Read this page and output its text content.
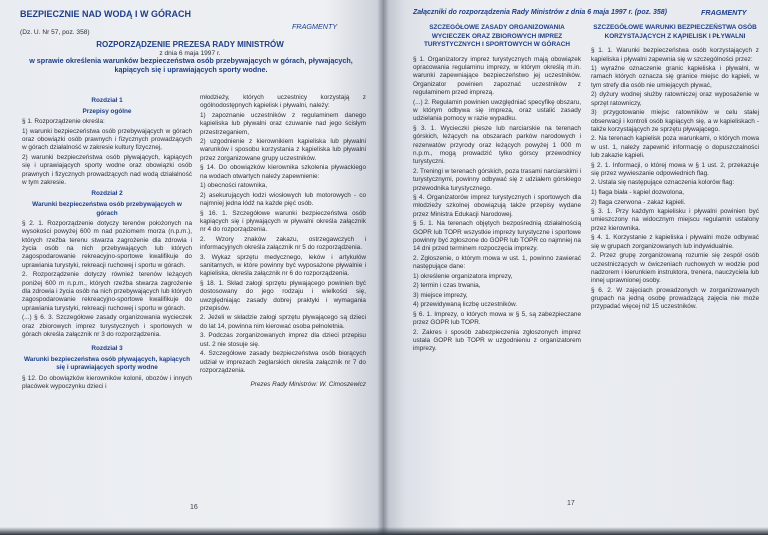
BEZPIECZNIE NAD WODĄ I W GÓRACH
FRAGMENTY
(Dz. U. Nr 57, poz. 358)
ROZPORZĄDZENIE PREZESA RADY MINISTRÓW
z dnia 6 maja 1997 r.
w sprawie określenia warunków bezpieczeństwa osób przebywających w górach, pływających, kąpiących się i uprawiających sporty wodne.

Rozdział 1

Przepisy ogólne

§ 1. Rozporządzenie określa:

1) warunki bezpieczeństwa osób przebywających w górach oraz obowiązki osób prawnych i fizycznych prowadzących w górach działalność w zakresie kultury fizycznej,

2) warunki bezpieczeństwa osób pływających, kąpiących się i uprawiających sporty wodne oraz obowiązki osób prawnych i fizycznych prowadzących nad wodą działalność w tym zakresie.

Rozdział 2

Warunki bezpieczeństwa osób przebywających w górach

§ 2. 1. Rozporządzenie dotyczy terenów położonych na wysokości powyżej 600 m nad poziomem morza (n.p.m.), których rzeźba terenu stwarza zagrożenie dla zdrowia i życia osób na nich przebywających lub których zagospodarowanie rekreacyjno-sportowe kwalifikuje do uprawiania turystyki, rekreacji ruchowej i sportu w górach.

2. Rozporządzenie dotyczy również terenów leżących poniżej 600 m n.p.m., których rzeźba stwarza zagrożenie dla zdrowia i życia osób na nich przebywających lub których zagospodarowanie rekreacyjno-sportowe kwalifikuje do uprawiania turystyki, rekreacji ruchowej i sportu w górach.

(...) § 6. 3. Szczegółowe zasady organizowania wycieczek oraz zbiorowych imprez turystycznych i sportowych w górach określa załącznik nr 3 do rozporządzenia.

Rozdział 3

Warunki bezpieczeństwa osób pływających, kąpiących się i uprawiających sporty wodne

§ 12. Do obowiązków kierowników kolonii, obozów i innych placówek wypoczynku dzieci i

młodzieży, których uczestnicy korzystają z ogólnodostępnych kąpielisk i pływalni, należy:

1) zapoznanie uczestników z regulaminem danego kąpieliska lub pływalni oraz czuwanie nad jego ścisłym przestrzeganiem,

2) uzgodnienie z kierownikiem kąpieliska lub pływalni warunków i sposobu korzystania z kąpieliska lub pływalni przez zorganizowane grupy uczestników.

§ 14. Do obowiązków kierownika szkolenia pływackiego na wodach otwartych należy zapewnienie:

1) obecności ratownika,

2) asekurujących łodzi wiosłowych lub motorowych - co najmniej jedna łódź na każde pięć osób.

§ 16. 1. Szczegółowe warunki bezpieczeństwa osób kąpiących się i pływających w pływalni określa załącznik nr 4 do rozporządzenia.

2. Wzory znaków zakazu, ostrzegawczych i informacyjnych określa załącznik nr 5 do rozporządzenia.

3. Wykaz sprzętu medycznego, leków i artykułów sanitarnych, w które powinny być wyposażone pływalnie i kąpieliska, określa załącznik nr 6 do rozporządzenia.

§ 18. 1. Skład załogi sprzętu pływającego powinien być dostosowany do jego rodzaju i wielkości się, uwzględniając zasady dobrej praktyki i wymagania przepisów.

2. Jeżeli w składzie załogi sprzętu pływającego są dzieci do lat 14, powinna nim kierować osoba pełnoletnia.

3. Podczas zorganizowanych imprez dla dzieci przepisu ust. 2 nie stosuje się.

4. Szczegółowe zasady bezpieczeństwa osób biorących udział w imprezach żeglarskich określa załącznik nr 7 do rozporządzenia.

Prezes Rady Ministrów: W. Cimoszewicz

16
Załączniki do rozporządzenia Rady Ministrów z dnia 6 maja 1997 r. (poz. 358)	FRAGMENTY

SZCZEGÓŁOWE ZASADY ORGANIZOWANIA WYCIECZEK ORAZ ZBIOROWYCH IMPREZ TURYSTYCZNYCH I SPORTOWYCH W GÓRACH

§ 1. Organizatorzy imprez turystycznych mają obowiązek opracowania regulaminu imprezy, w którym określą m.in. warunki zapewniające bezpieczeństwo jej uczestników. Organizator powinien zapoznać uczestników z regulaminem przed imprezą.

(...) 2. Regulamin powinien uwzględniać specyfikę obszaru, w którym odbywa się impreza, oraz ustalić zasady udzielania pomocy w razie wypadku.

§ 3. 1. Wycieczki piesze lub narciarskie na terenach górskich, leżących na obszarach parków narodowych i rezerwatów przyrody oraz leżących powyżej 1 000 m n.p.m., mogą prowadzić tylko górscy przewodnicy turystyczni.

2. Treningi w terenach górskich, poza trasami narciarskimi i turystycznymi, powinny odbywać się z udziałem górskiego przewodnika turystycznego.

§ 4. Organizatorów imprez turystycznych i sportowych dla młodzieży szkolnej obowiązują także przepisy wydane przez Ministra Edukacji Narodowej.

§ 5. 1. Na terenach objętych bezpośrednią działalnością GOPR lub TOPR wszystkie imprezy turystyczne i sportowe powinny być zgłoszone do GOPR lub TOPR co najmniej na 14 dni przed terminem rozpoczęcia imprezy.

2. Zgłoszenie, o którym mowa w ust. 1, powinno zawierać następujące dane:

1) określenie organizatora imprezy,

2) termin i czas trwania,

3) miejsce imprezy,

4) przewidywaną liczbę uczestników.

§ 6. 1. Imprezy, o których mowa w § 5, są zabezpieczane przez GOPR lub TOPR.

2. Zakres i sposób zabezpieczenia zgłoszonych imprez ustala GOPR lub TOPR w uzgodnieniu z organizatorem imprezy.

SZCZEGÓŁOWE WARUNKI BEZPIECZEŃSTWA OSÓB KORZYSTAJĄCYCH Z KĄPIELISK I PŁYWALNI

§ 1. 1. Warunki bezpieczeństwa osób korzystających z kąpieliska i pływalni zapewnia się w szczególności przez:

1) wyraźne oznaczenie granic kąpieliska i pływalni, w ramach których oznacza się granice miejsc do kąpieli, w tym strefy dla osób nie umiejących pływać,

2) dyżury wodnej służby ratowniczej oraz wyposażenie w sprzęt ratowniczy,

3) przygotowanie miejsc ratowników w celu stałej obserwacji i kontroli osób kąpiących się, a w kąpieliskach - także korzystających ze sprzętu pływającego.

2. Na terenach kąpielisk poza warunkami, o których mowa w ust. 1, należy zapewnić informację o dopuszczalności lub zakazie kąpieli.

§ 2. 1. Informacji, o której mowa w § 1 ust. 2, przekazuje się przez wywieszanie odpowiednich flag.

2. Ustala się następujące oznaczenia kolorów flag:

1) flaga biała - kąpiel dozwolona,

2) flaga czerwona - zakaz kąpieli.

§ 3. 1. Przy każdym kąpielisku i pływalni powinien być umieszczony na widocznym miejscu regulamin ustalony przez kierownika.

§ 4. 1. Korzystanie z kąpieliska i pływalni może odbywać się w grupach zorganizowanych lub indywidualnie.

2. Przez grupę zorganizowaną rozumie się zespół osób uczestniczących w ćwiczeniach ruchowych w wodzie pod nadzorem i kierunkiem instruktora, trenera, nauczyciela lub innej uprawnionej osoby.

§ 6. 2. W zajęciach prowadzonych w zorganizowanych grupach na jedną osobę prowadzącą zajęcia nie może przypadać więcej niż 15 uczestników.

17
